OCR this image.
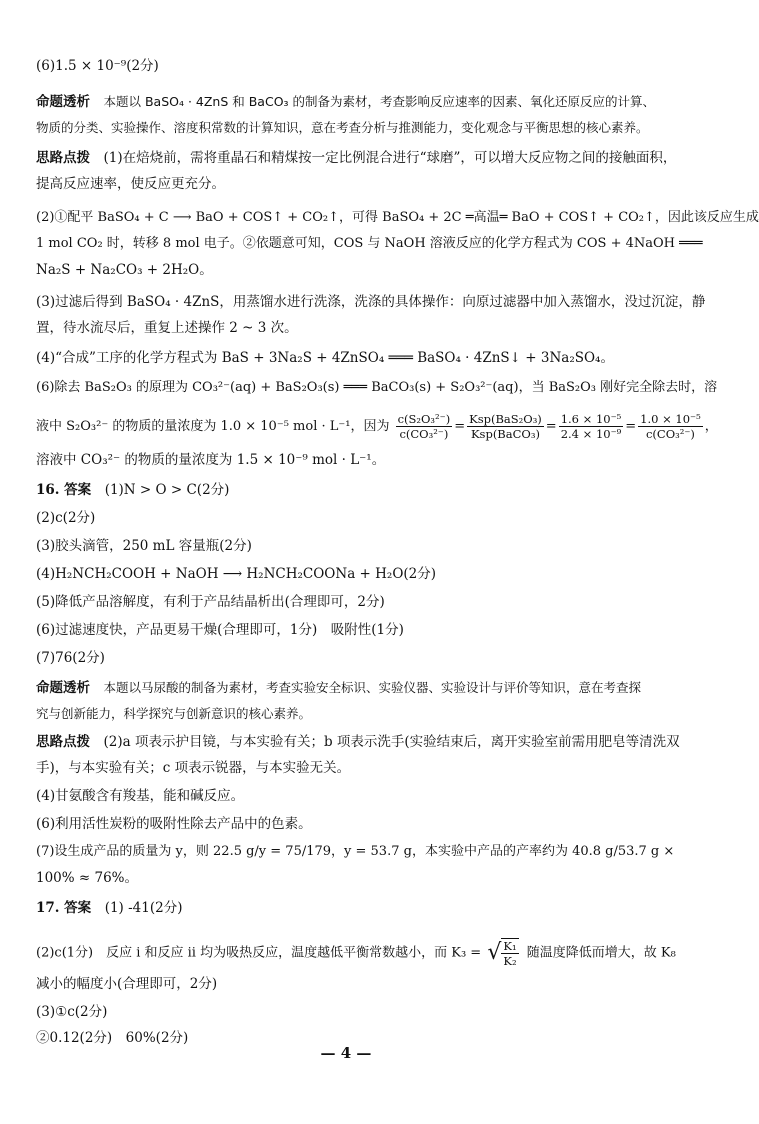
(6)1.5 × 10⁻⁹(2分)
命题透析　 本题以 BaSO₄ · 4ZnS 和 BaCO₃ 的制备为素材，考查影响反应速率的因素、氧化还原反应的计算、
物质的分类、实验操作、溶度积常数的计算知识，意在考查分析与推测能力，变化观念与平衡思想的核心素养。
思路点拨　 (1)在焙烧前，需将重晶石和精煤按一定比例混合进行“球磨”，可以增大反应物之间的接触面积，
提高反应速率，使反应更充分。
(2)①配平 BaSO₄ + C ⟶ BaO + COS↑ + CO₂↑，可得 BaSO₄ + 2C ═高温═ BaO + COS↑ + CO₂↑，因此该反应生成
1 mol CO₂ 时，转移 8 mol 电子。②依题意可知，COS 与 NaOH 溶液反应的化学方程式为 COS + 4NaOH ═══
Na₂S + Na₂CO₃ + 2H₂O。
(3)过滤后得到 BaSO₄ · 4ZnS，用蒸馏水进行洗涤，洗涤的具体操作：向原过滤器中加入蒸馏水，没过沉淀，静
置，待水流尽后，重复上述操作 2 ~ 3 次。
(4)“合成”工序的化学方程式为 BaS + 3Na₂S + 4ZnSO₄ ═══ BaSO₄ · 4ZnS↓ + 3Na₂SO₄。
(6)除去 BaS₂O₃ 的原理为 CO₃²⁻(aq) + BaS₂O₃(s) ═══ BaCO₃(s) + S₂O₃²⁻(aq)，当 BaS₂O₃ 刚好完全除去时，溶
液中 S₂O₃²⁻ 的物质的量浓度为 1.0 × 10⁻⁵ mol · L⁻¹，因为 $\frac{\text{c(S₂O₃²⁻)}}{\text{c(CO₃²⁻)}} = \frac{\text{Ksp(BaS₂O₃)}}{\text{Ksp(BaCO₃)}} = \frac{\text{1.6 × 10⁻⁵}}{\text{2.4 × 10⁻⁹}} = \frac{\text{1.0 × 10⁻⁵}}{\text{c(CO₃²⁻)}}$ ，
溶液中 CO₃²⁻ 的物质的量浓度为 1.5 × 10⁻⁹ mol · L⁻¹。
16. 答案　 (1)N > O > C(2分)
(2)c(2分)
(3)胶头滴管，250 mL 容量瓶(2分)
(4)H₂NCH₂COOH + NaOH ⟶ H₂NCH₂COONa + H₂O(2分)
(5)降低产品溶解度，有利于产品结晶析出(合理即可，2分)
(6)过滤速度快，产品更易干燥(合理即可，1分)　吸附性(1分)
(7)76(2分)
命题透析　 本题以马尿酸的制备为素材，考查实验安全标识、实验仪器、实验设计与评价等知识，意在考查探
究与创新能力，科学探究与创新意识的核心素养。
思路点拨　 (2)a 项表示护目镜，与本实验有关；b 项表示洗手(实验结束后，离开实验室前需用肥皂等清洗双
手)，与本实验有关；c 项表示锐器，与本实验无关。
(4)甘氨酸含有羧基，能和碱反应。
(6)利用活性炭粉的吸附性除去产品中的色素。
(7)设生成产品的质量为 y，则 22.5 g/y = 75/179，y = 53.7 g，本实验中产品的产率约为 40.8 g/53.7 g ×
100% ≈ 76%。
17. 答案　 (1) -41(2分)
(2)c(1分)　反应 ⅰ 和反应 ⅱ 均为吸热反应，温度越低平衡常数越小，而 K₃ = √ $\frac{\text{K₁}}{\text{K₂}}$ 随温度降低而增大，故 K₈
减小的幅度小(合理即可，2分)
(3)①c(2分)
②0.12(2分)　60%(2分)
— 4 —
